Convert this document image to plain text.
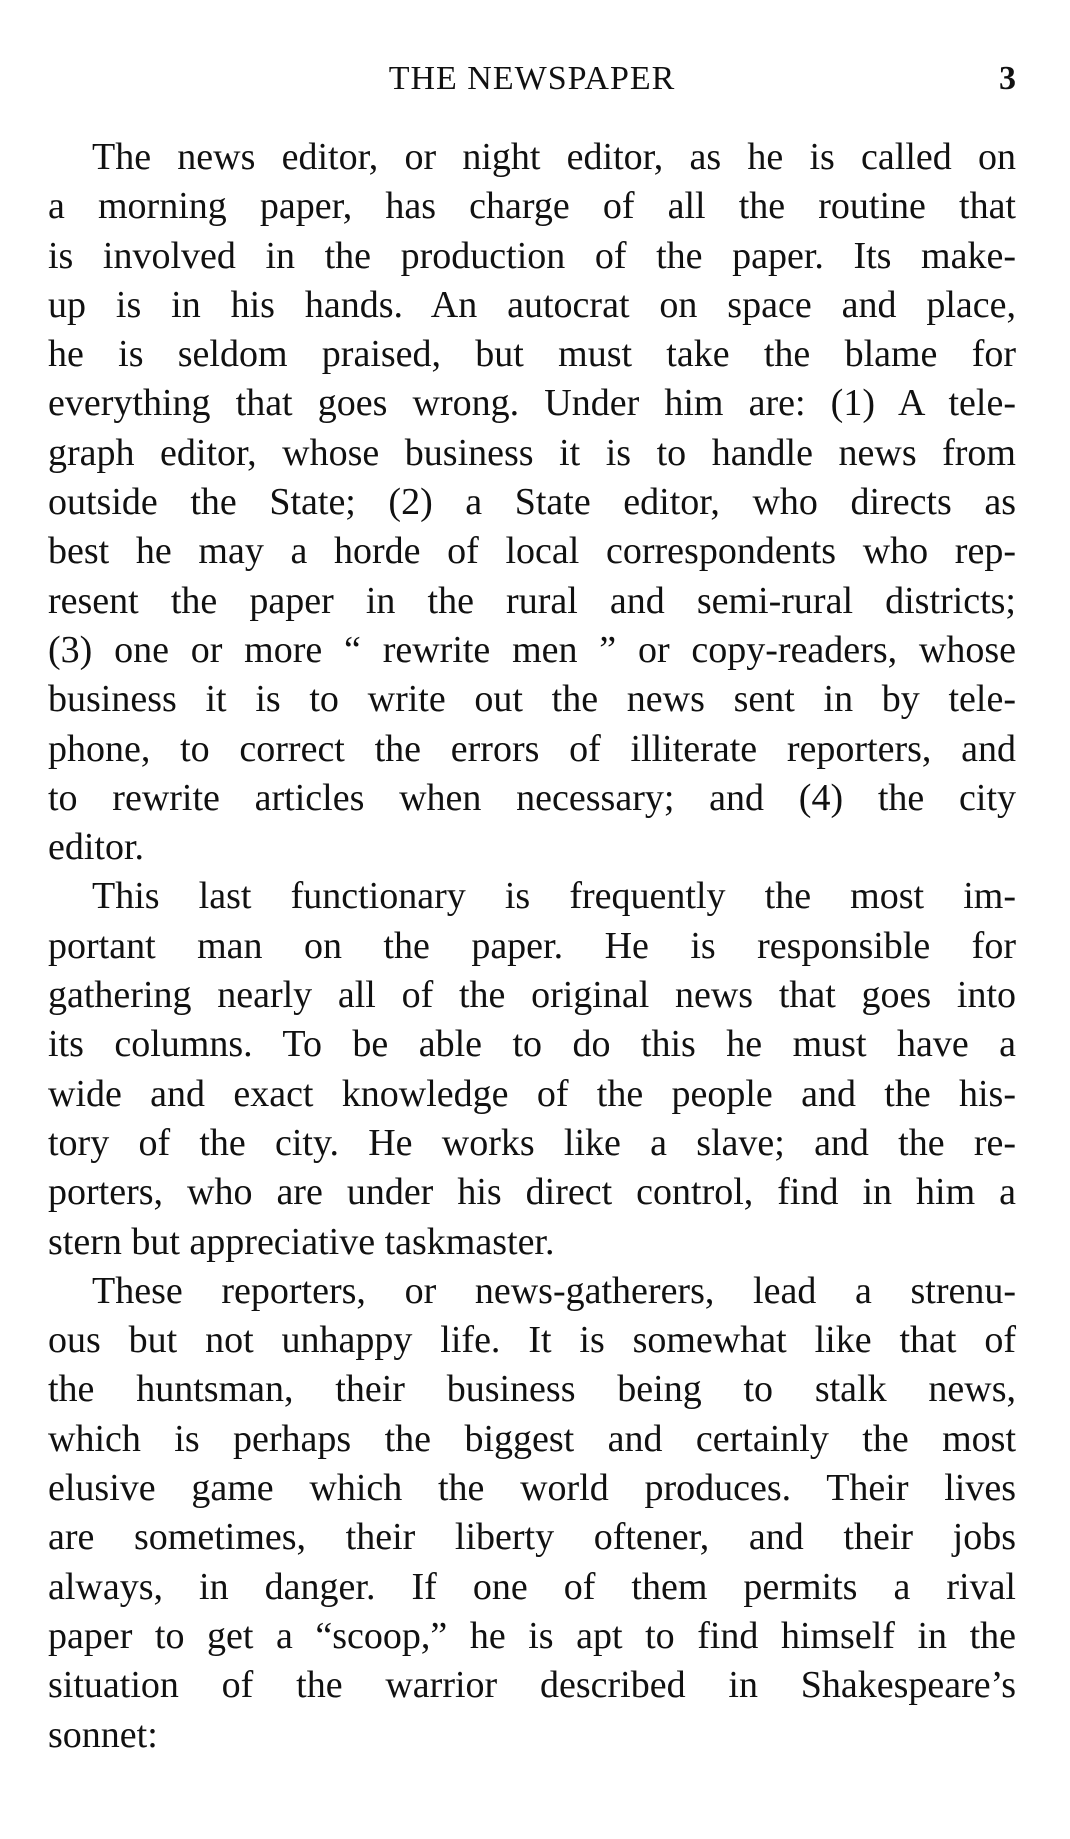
THE NEWSPAPER	3

The news editor, or night editor, as he is called on
a morning paper, has charge of all the routine that
is involved in the production of the paper. Its make-
up is in his hands. An autocrat on space and place,
he is seldom praised, but must take the blame for
everything that goes wrong. Under him are: (1) A tele-
graph editor, whose business it is to handle news from
outside the State; (2) a State editor, who directs as
best he may a horde of local correspondents who rep-
resent the paper in the rural and semi-rural districts;
(3) one or more “ rewrite men ” or copy-readers, whose
business it is to write out the news sent in by tele-
phone, to correct the errors of illiterate reporters, and
to rewrite articles when necessary; and (4) the city
editor.

This last functionary is frequently the most im-
portant man on the paper. He is responsible for
gathering nearly all of the original news that goes into
its columns. To be able to do this he must have a
wide and exact knowledge of the people and the his-
tory of the city. He works like a slave; and the re-
porters, who are under his direct control, find in him a
stern but appreciative taskmaster.

These reporters, or news-gatherers, lead a strenu-
ous but not unhappy life. It is somewhat like that of
the huntsman, their business being to stalk news,
which is perhaps the biggest and certainly the most
elusive game which the world produces. Their lives
are sometimes, their liberty oftener, and their jobs
always, in danger. If one of them permits a rival
paper to get a “scoop,” he is apt to find himself in the
situation of the warrior described in Shakespeare’s
sonnet:
